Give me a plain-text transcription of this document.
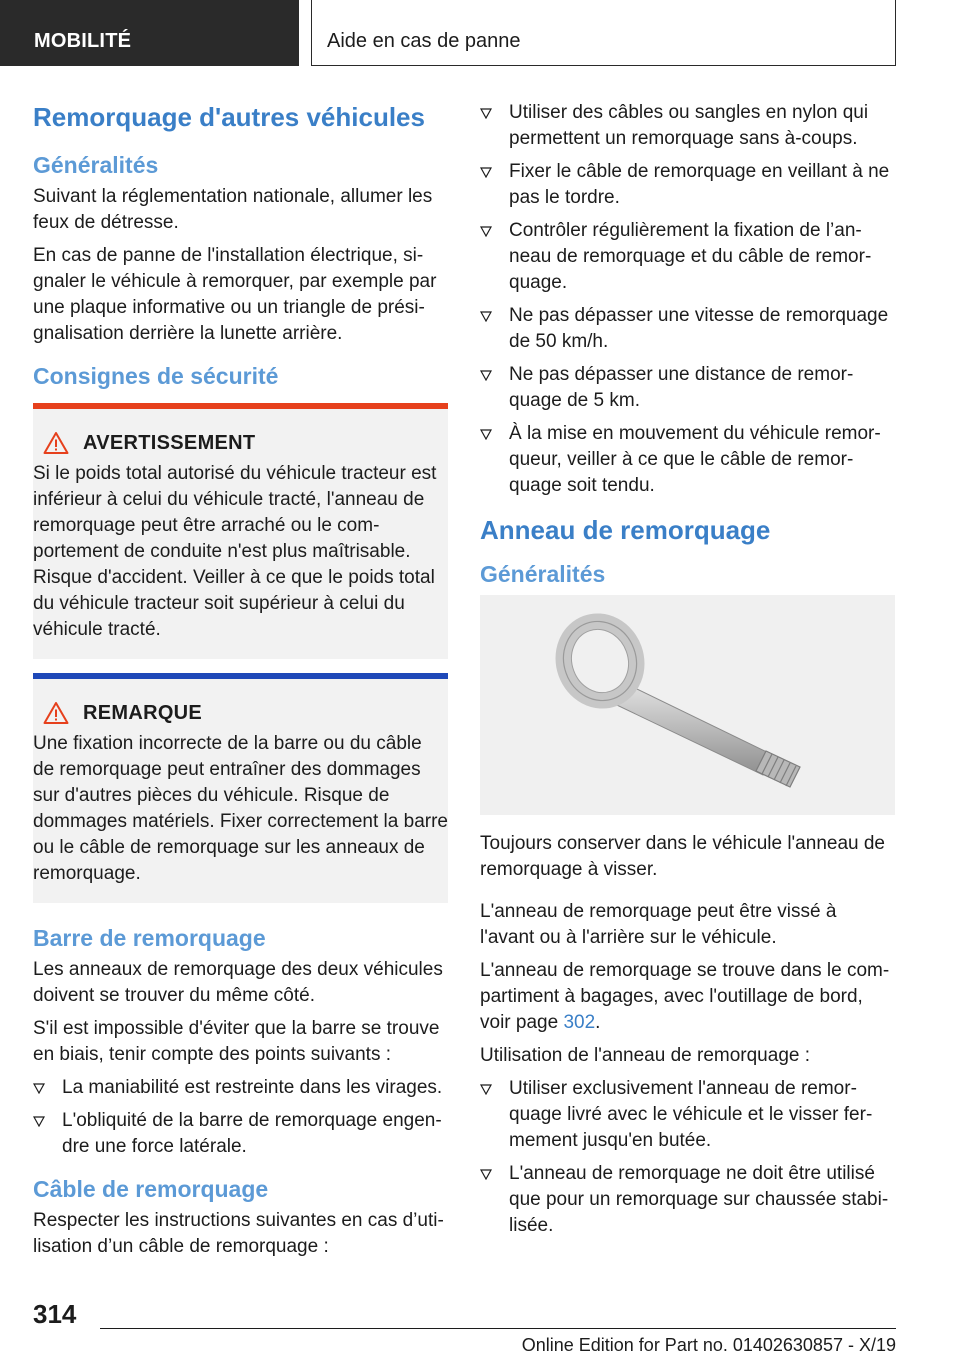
MOBILITÉ	Aide en cas de panne
Remorquage d'autres véhicules
Généralités

Suivant la réglementation nationale, allumer les feux de détresse.

En cas de panne de l'installation électrique, signaler le véhicule à remorquer, par exemple par une plaque informative ou un triangle de présignalisation derrière la lunette arrière.

Consignes de sécurité
AVERTISSEMENT

Si le poids total autorisé du véhicule tracteur est inférieur à celui du véhicule tracté, l'anneau de remorquage peut être arraché ou le comportement de conduite n'est plus maîtrisable. Risque d'accident. Veiller à ce que le poids total du véhicule tracteur soit supérieur à celui du véhicule tracté.

REMARQUE

Une fixation incorrecte de la barre ou du câble de remorquage peut entraîner des dommages sur d'autres pièces du véhicule. Risque de dommages matériels. Fixer correctement la barre ou le câble de remorquage sur les anneaux de remorquage.

Barre de remorquage

Les anneaux de remorquage des deux véhicules doivent se trouver du même côté.

S'il est impossible d'éviter que la barre se trouve en biais, tenir compte des points suivants :

La maniabilité est restreinte dans les virages.
L'obliquité de la barre de remorquage engendre une force latérale.
Câble de remorquage

Respecter les instructions suivantes en cas d’utilisation d’un câble de remorquage :

Utiliser des câbles ou sangles en nylon qui permettent un remorquage sans à-coups.
Fixer le câble de remorquage en veillant à ne pas le tordre.
Contrôler régulièrement la fixation de l’anneau de remorquage et du câble de remorquage.
Ne pas dépasser une vitesse de remorquage de 50 km/h.
Ne pas dépasser une distance de remorquage de 5 km.
À la mise en mouvement du véhicule remorqueur, veiller à ce que le câble de remorquage soit tendu.
Anneau de remorquage
Généralités

Toujours conserver dans le véhicule l'anneau de remorquage à visser.

L'anneau de remorquage peut être vissé à l'avant ou à l'arrière sur le véhicule.

L'anneau de remorquage se trouve dans le compartiment à bagages, avec l'outillage de bord, voir page 302.

Utilisation de l'anneau de remorquage :

Utiliser exclusivement l'anneau de remorquage livré avec le véhicule et le visser fermement jusqu'en butée.
L'anneau de remorquage ne doit être utilisé que pour un remorquage sur chaussée stabilisée.
314
Online Edition for Part no. 01402630857 - X/19
